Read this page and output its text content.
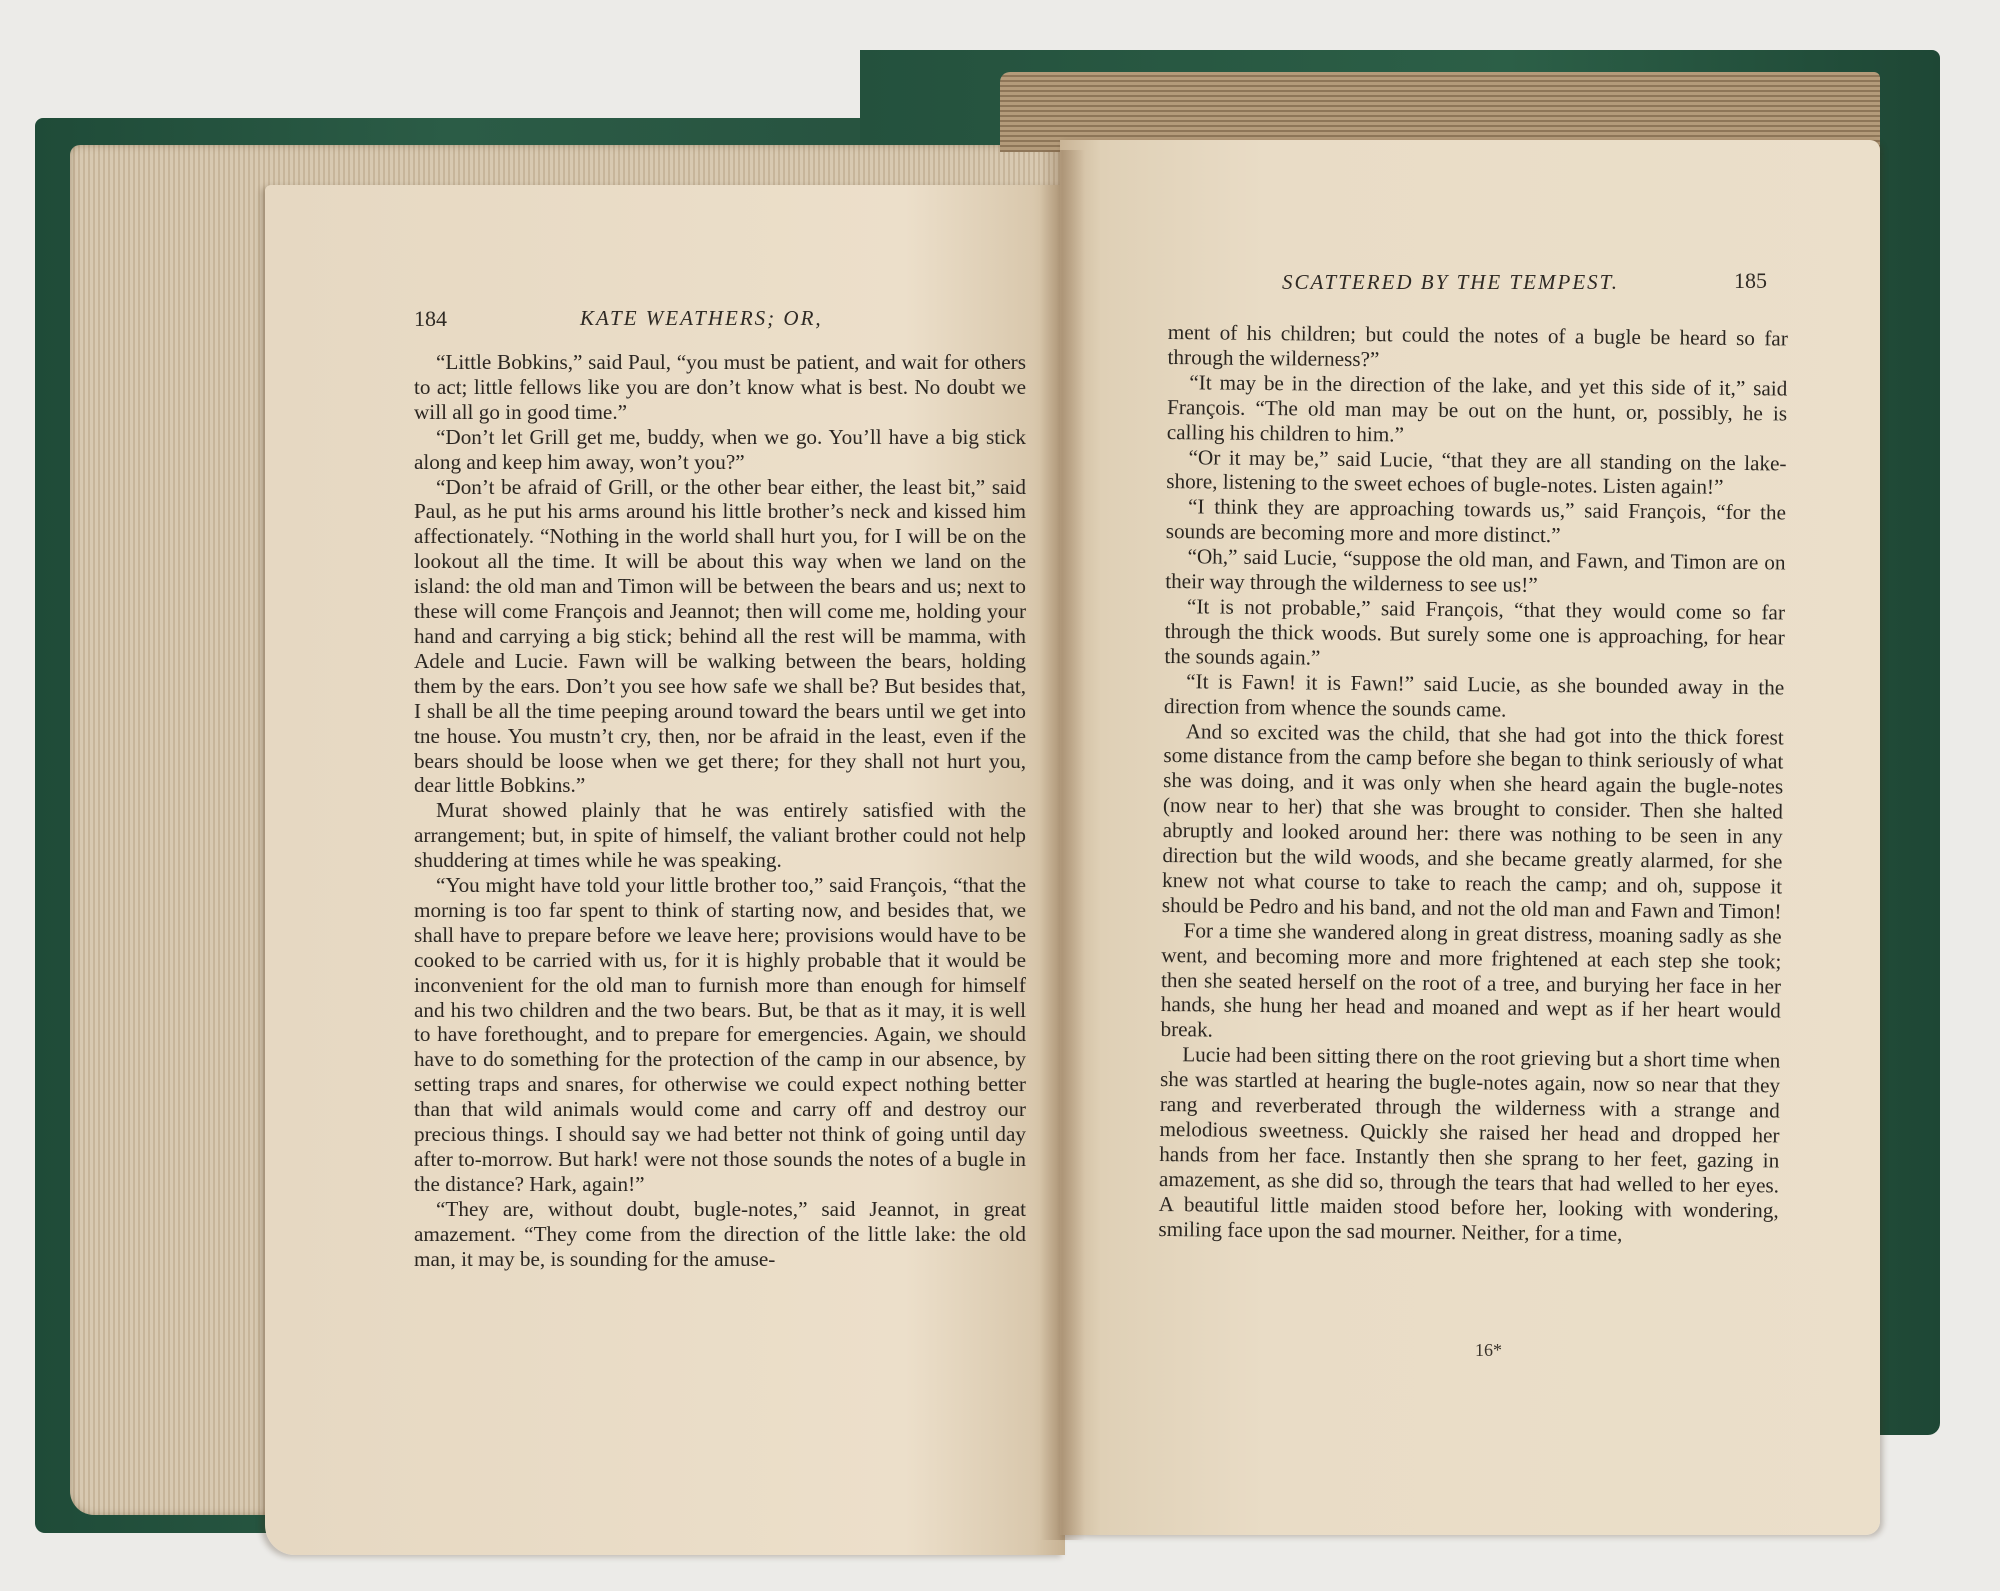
184	KATE WEATHERS; OR,
SCATTERED BY THE TEMPEST.	185

“Little Bobkins,” said Paul, “you must be patient, and wait for others to act; little fellows like you are don’t know what is best. No doubt we will all go in good time.”

“Don’t let Grill get me, buddy, when we go. You’ll have a big stick along and keep him away, won’t you?”

“Don’t be afraid of Grill, or the other bear either, the least bit,” said Paul, as he put his arms around his little brother’s neck and kissed him affectionately. “Nothing in the world shall hurt you, for I will be on the lookout all the time. It will be about this way when we land on the island: the old man and Timon will be between the bears and us; next to these will come François and Jeannot; then will come me, holding your hand and carrying a big stick; behind all the rest will be mamma, with Adele and Lucie. Fawn will be walking between the bears, holding them by the ears. Don’t you see how safe we shall be? But besides that, I shall be all the time peeping around toward the bears until we get into tne house. You mustn’t cry, then, nor be afraid in the least, even if the bears should be loose when we get there; for they shall not hurt you, dear little Bobkins.”

Murat showed plainly that he was entirely satisfied with the arrangement; but, in spite of himself, the valiant brother could not help shuddering at times while he was speaking.

“You might have told your little brother too,” said François, “that the morning is too far spent to think of starting now, and besides that, we shall have to prepare before we leave here; provisions would have to be cooked to be carried with us, for it is highly probable that it would be inconvenient for the old man to furnish more than enough for himself and his two children and the two bears. But, be that as it may, it is well to have forethought, and to prepare for emergencies. Again, we should have to do something for the protection of the camp in our absence, by setting traps and snares, for otherwise we could expect nothing better than that wild animals would come and carry off and destroy our precious things. I should say we had better not think of going until day after to-morrow. But hark! were not those sounds the notes of a bugle in the distance? Hark, again!”

“They are, without doubt, bugle-notes,” said Jeannot, in great amazement. “They come from the direction of the little lake: the old man, it may be, is sounding for the amuse-

ment of his children; but could the notes of a bugle be heard so far through the wilderness?”

“It may be in the direction of the lake, and yet this side of it,” said François. “The old man may be out on the hunt, or, possibly, he is calling his children to him.”

“Or it may be,” said Lucie, “that they are all standing on the lake-shore, listening to the sweet echoes of bugle-notes. Listen again!”

“I think they are approaching towards us,” said François, “for the sounds are becoming more and more distinct.”

“Oh,” said Lucie, “suppose the old man, and Fawn, and Timon are on their way through the wilderness to see us!”

“It is not probable,” said François, “that they would come so far through the thick woods. But surely some one is approaching, for hear the sounds again.”

“It is Fawn! it is Fawn!” said Lucie, as she bounded away in the direction from whence the sounds came.

And so excited was the child, that she had got into the thick forest some distance from the camp before she began to think seriously of what she was doing, and it was only when she heard again the bugle-notes (now near to her) that she was brought to consider. Then she halted abruptly and looked around her: there was nothing to be seen in any direction but the wild woods, and she became greatly alarmed, for she knew not what course to take to reach the camp; and oh, suppose it should be Pedro and his band, and not the old man and Fawn and Timon!

For a time she wandered along in great distress, moaning sadly as she went, and becoming more and more frightened at each step she took; then she seated herself on the root of a tree, and burying her face in her hands, she hung her head and moaned and wept as if her heart would break.

Lucie had been sitting there on the root grieving but a short time when she was startled at hearing the bugle-notes again, now so near that they rang and reverberated through the wilderness with a strange and melodious sweetness. Quickly she raised her head and dropped her hands from her face. Instantly then she sprang to her feet, gazing in amazement, as she did so, through the tears that had welled to her eyes. A beautiful little maiden stood before her, looking with wondering, smiling face upon the sad mourner. Neither, for a time,

16*
